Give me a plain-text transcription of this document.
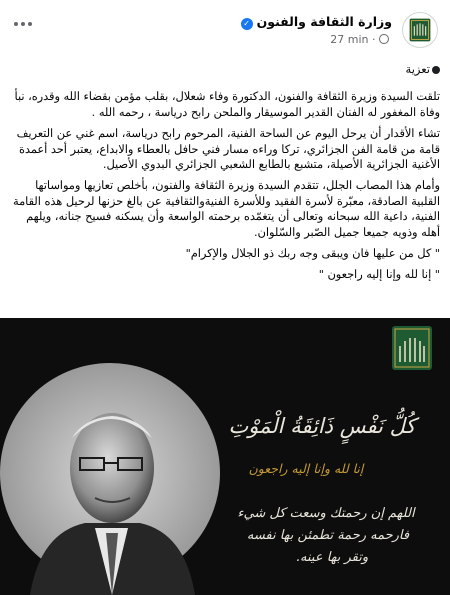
وزارة الثقافة والفنون✓
27 min ·
تعزية

تلقت السيدة وزيرة الثقافة والفنون، الدكتورة وفاء شعلال، بقلب مؤمن بقضاء الله وقدره، نبأ وفاة المغفور له الفنان القدير الموسيقار والملحن رابح درياسة ، رحمه الله .

تشاء الأقدار أن يرحل اليوم عن الساحة الفنية، المرحوم رابح درياسة، اسم غني عن التعريف قامة من قامة الفن الجزائري، تركا وراءه مسار فني حافل بالعطاء والابداع، يعتبر أحد أعمدة الأغنية الجزائرية الأصيلة، متشبع بالطابع الشعبي الجزائري البدوي الأصيل.

وأمام هذا المصاب الجلل، تتقدم السيدة وزيرة الثقافة والفنون، بأخلص تعازيها ومواساتها القلبية الصادقة، معبّرة لأسرة الفقيد وللأسرة الفنيةوالثقافية عن بالغ حزنها لرحيل هذه القامة الفنية، داعية الله سبحانه وتعالى أن يتغمّده برحمته الواسعة وأن يسكنه فسيح جنانه، ويلهم أهله وذويه جميعا جميل الصّبر والسّلوان.

" كل من عليها فان ويبقى وجه ربك ذو الجلال والإكرام"

" إنا لله وإنا إليه راجعون "

كُلُّ نَفْسٍ ذَائِقَةُ الْمَوْتِ
إنا لله وإنا إليه راجعون
اللهم إن رحمتك وسعت كل شيء
فارحمه رحمة تطمئن بها نفسه
وتقر بها عينه.
